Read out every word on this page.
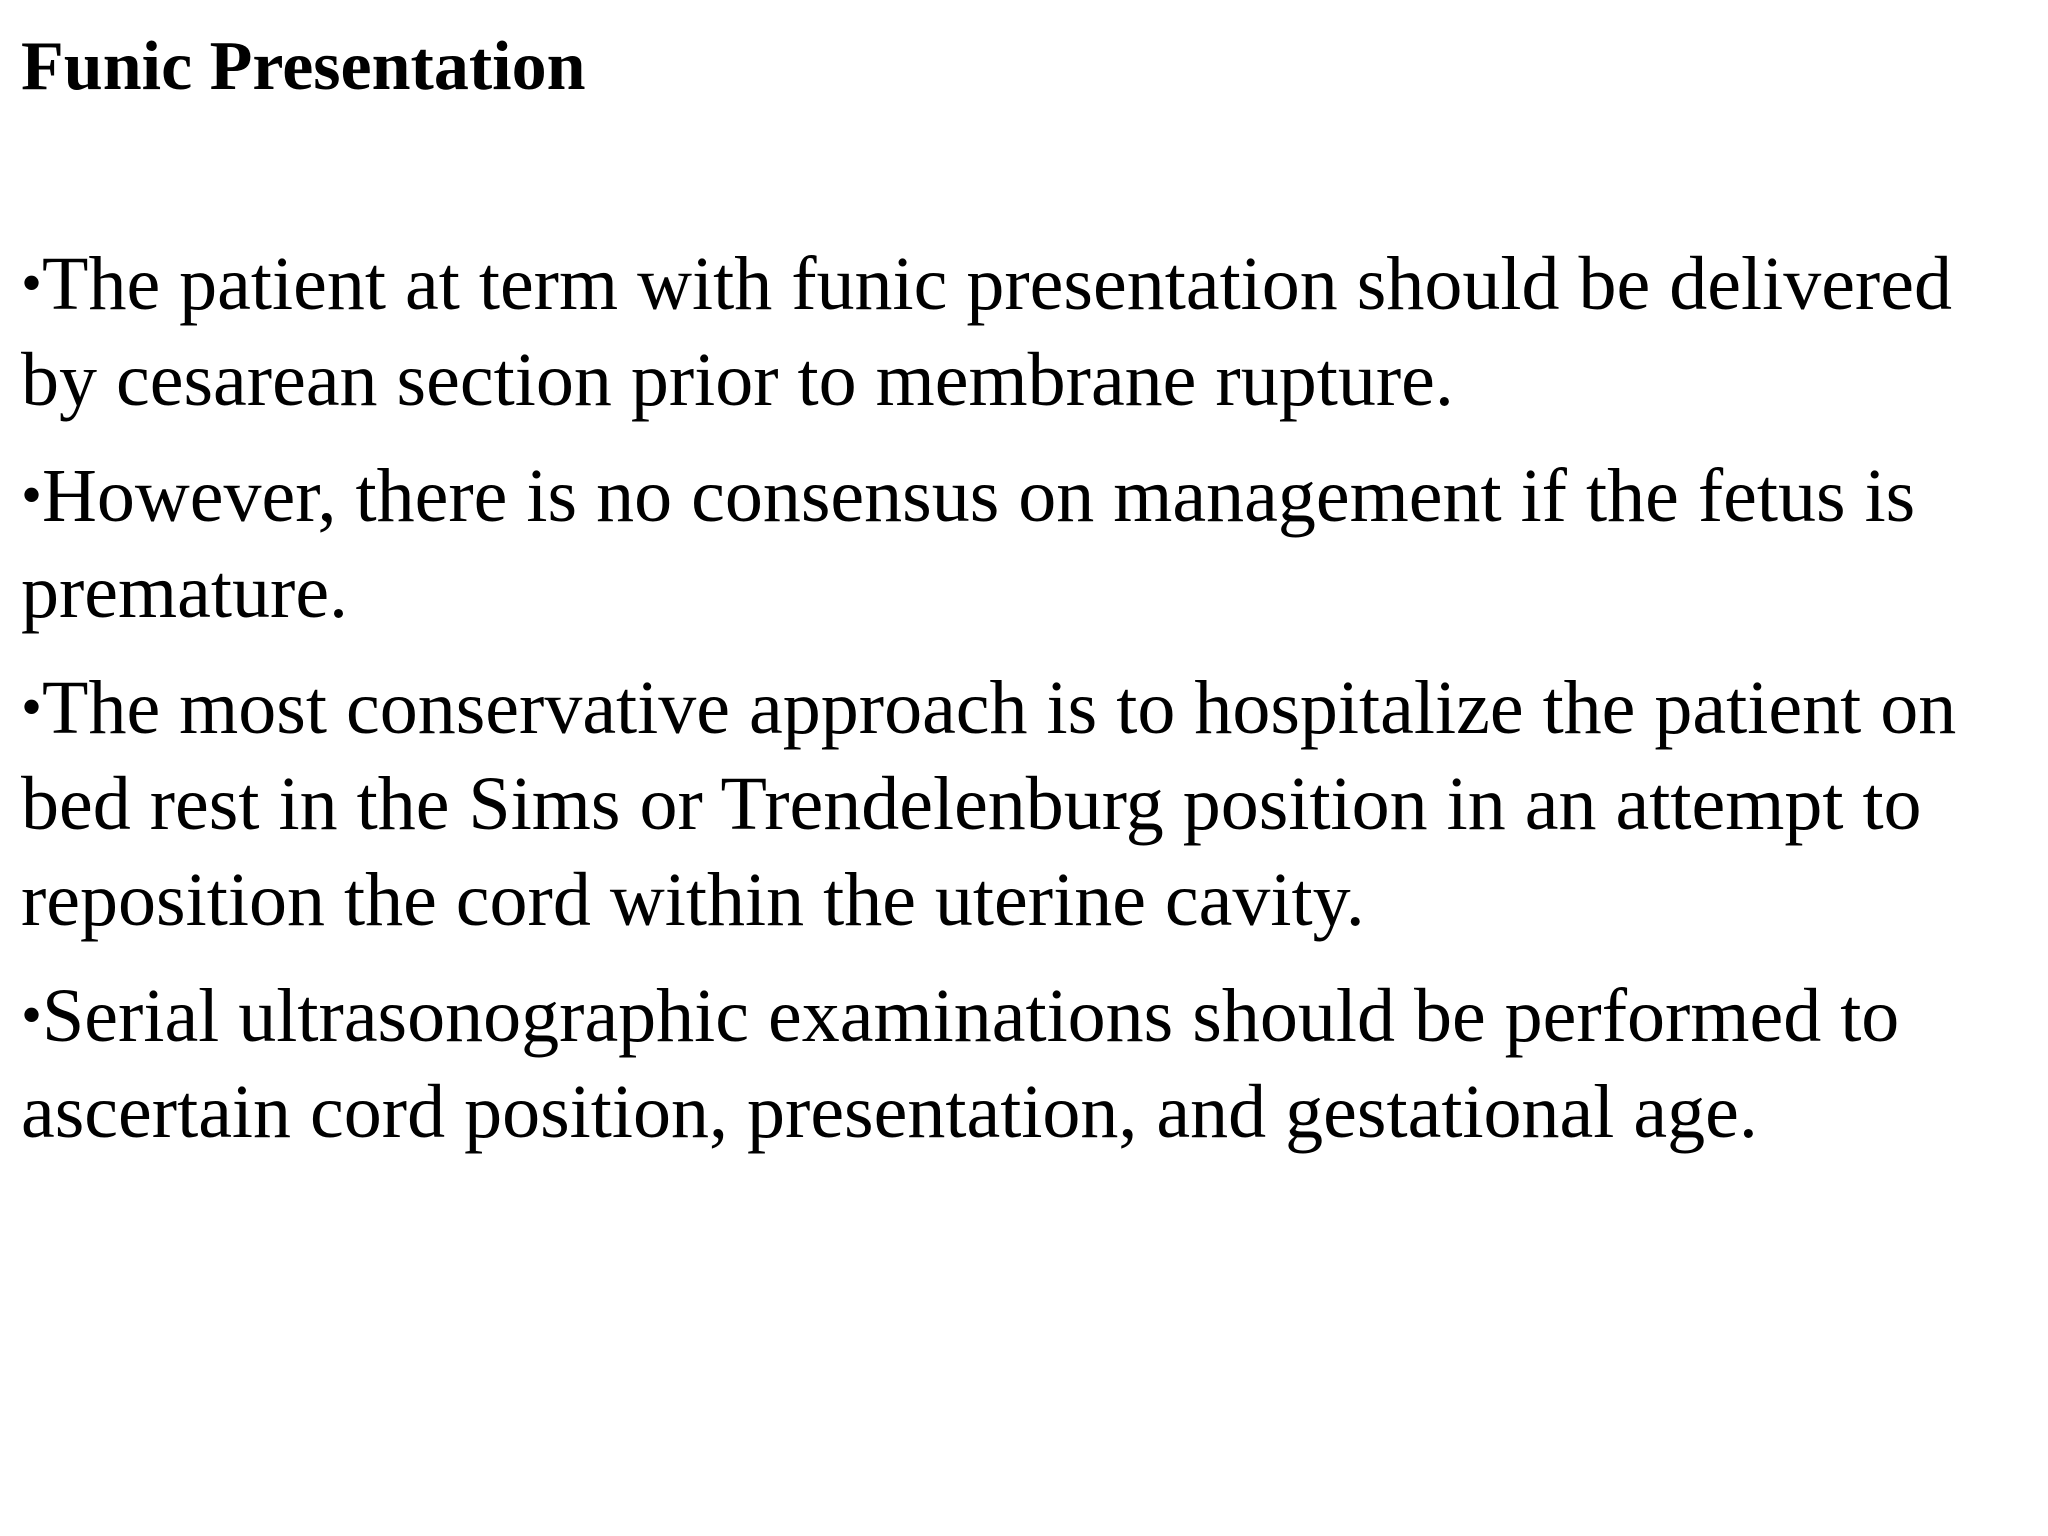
Funic Presentation
•The patient at term with funic presentation should be delivered by cesarean section prior to membrane rupture.
•However, there is no consensus on management if the fetus is premature.
•The most conservative approach is to hospitalize the patient on bed rest in the Sims or Trendelenburg position in an attempt to reposition the cord within the uterine cavity.
•Serial ultrasonographic examinations should be performed to ascertain cord position, presentation, and gestational age.
